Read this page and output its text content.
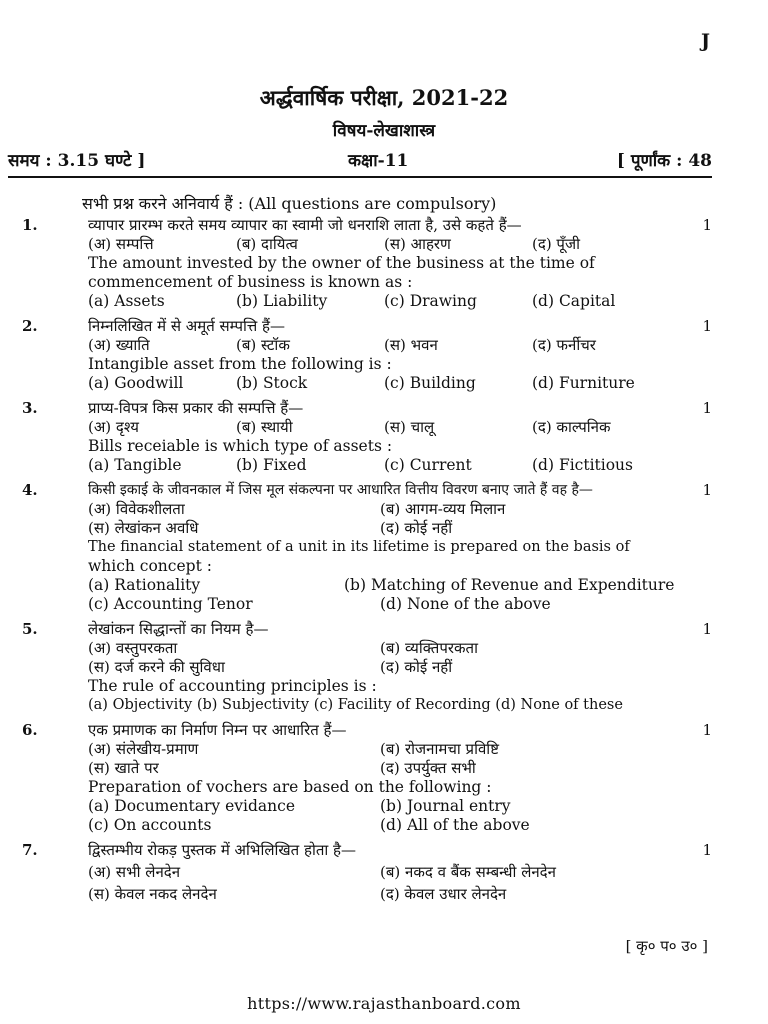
J
अर्द्धवार्षिक परीक्षा, 2021-22
विषय-लेखाशास्त्र
समय : 3.15 घण्टे ]	कक्षा-11	[ पूर्णांक : 48
सभी प्रश्न करने अनिवार्य हैं : (All questions are compulsory)
1.	1
व्यापार प्रारम्भ करते समय व्यापार का स्वामी जो धनराशि लाता है, उसे कहते हैं—
(अ) सम्पत्ति	(ब) दायित्व	(स) आहरण	(द) पूँजी
The amount invested by the owner of the business at the time of
commencement of business is known as :
(a) Assets	(b) Liability	(c) Drawing	(d) Capital
2.	1
निम्नलिखित में से अमूर्त सम्पत्ति हैं—
(अ) ख्याति	(ब) स्टॉक	(स) भवन	(द) फर्नीचर
Intangible asset from the following is :
(a) Goodwill	(b) Stock	(c) Building	(d) Furniture
3.	1
प्राप्य-विपत्र किस प्रकार की सम्पत्ति हैं—
(अ) दृश्य	(ब) स्थायी	(स) चालू	(द) काल्पनिक
Bills receiable is which type of assets :
(a) Tangible	(b) Fixed	(c) Current	(d) Fictitious
4.	1
किसी इकाई के जीवनकाल में जिस मूल संकल्पना पर आधारित वित्तीय विवरण बनाए जाते हैं वह है—
(अ) विवेकशीलता	(ब) आगम-व्यय मिलान
(स) लेखांकन अवधि	(द) कोई नहीं
The financial statement of a unit in its lifetime is prepared on the basis of
which concept :
(a) Rationality	(b) Matching of Revenue and Expenditure
(c) Accounting Tenor	(d) None of the above
5.	1
लेखांकन सिद्धान्तों का नियम है—
(अ) वस्तुपरकता	(ब) व्यक्तिपरकता
(स) दर्ज करने की सुविधा	(द) कोई नहीं
The rule of accounting principles is :
(a) Objectivity (b) Subjectivity (c) Facility of Recording (d) None of these
6.	1
एक प्रमाणक का निर्माण निम्न पर आधारित हैं—
(अ) संलेखीय-प्रमाण	(ब) रोजनामचा प्रविष्टि
(स) खाते पर	(द) उपर्युक्त सभी
Preparation of vochers are based on the following :
(a) Documentary evidance	(b) Journal entry
(c) On accounts	(d) All of the above
7.	1
द्विस्तम्भीय रोकड़ पुस्तक में अभिलिखित होता है—
(अ) सभी लेनदेन	(ब) नकद व बैंक सम्बन्धी लेनदेन
(स) केवल नकद लेनदेन	(द) केवल उधार लेनदेन
[ कृ० प० उ० ]
https://www.rajasthanboard.com
